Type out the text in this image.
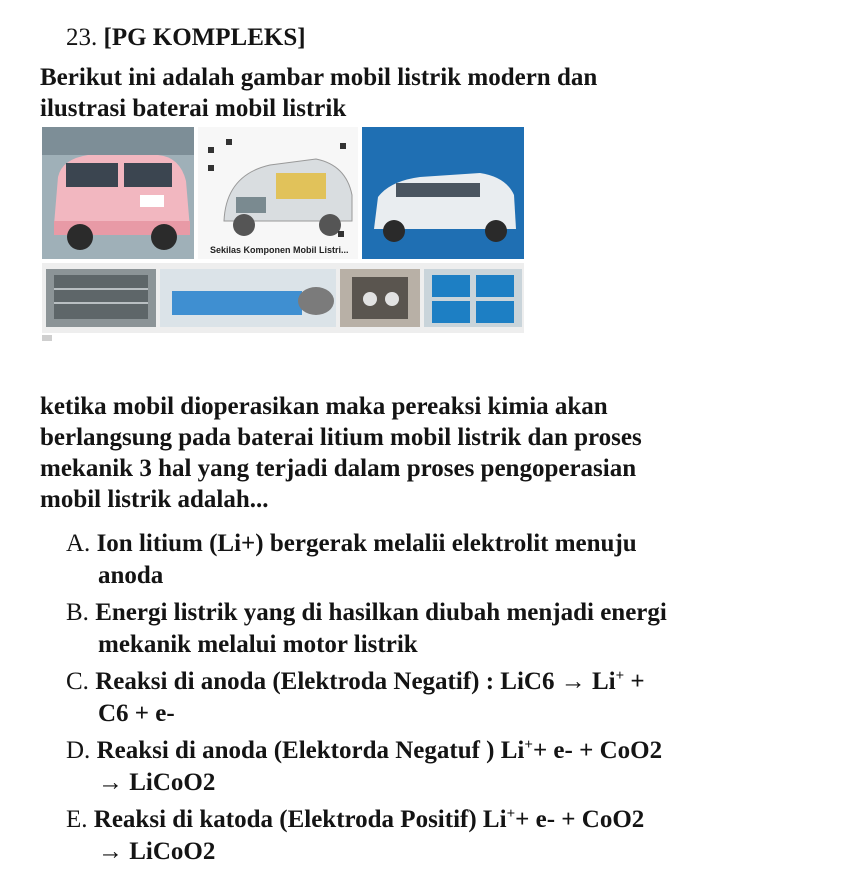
23. [PG KOMPLEKS]
Berikut ini adalah gambar mobil listrik modern dan
ilustrasi baterai mobil listrik
Sekilas Komponen Mobil Listri...
ketika mobil dioperasikan maka pereaksi kimia akan
berlangsung pada baterai litium mobil listrik dan proses
mekanik 3 hal yang terjadi dalam proses pengoperasian
mobil listrik adalah...
A. Ion litium (Li+) bergerak melalii elektrolit menuju
anoda
B. Energi listrik yang di hasilkan diubah menjadi energi
mekanik melalui motor listrik
C. Reaksi di anoda (Elektroda Negatif) : LiC6 → Li+ +
C6 + e-
D. Reaksi di anoda (Elektorda Negatuf ) Li++ e- + CoO2
→ LiCoO2
E. Reaksi di katoda (Elektroda Positif) Li++ e- + CoO2
→ LiCoO2
